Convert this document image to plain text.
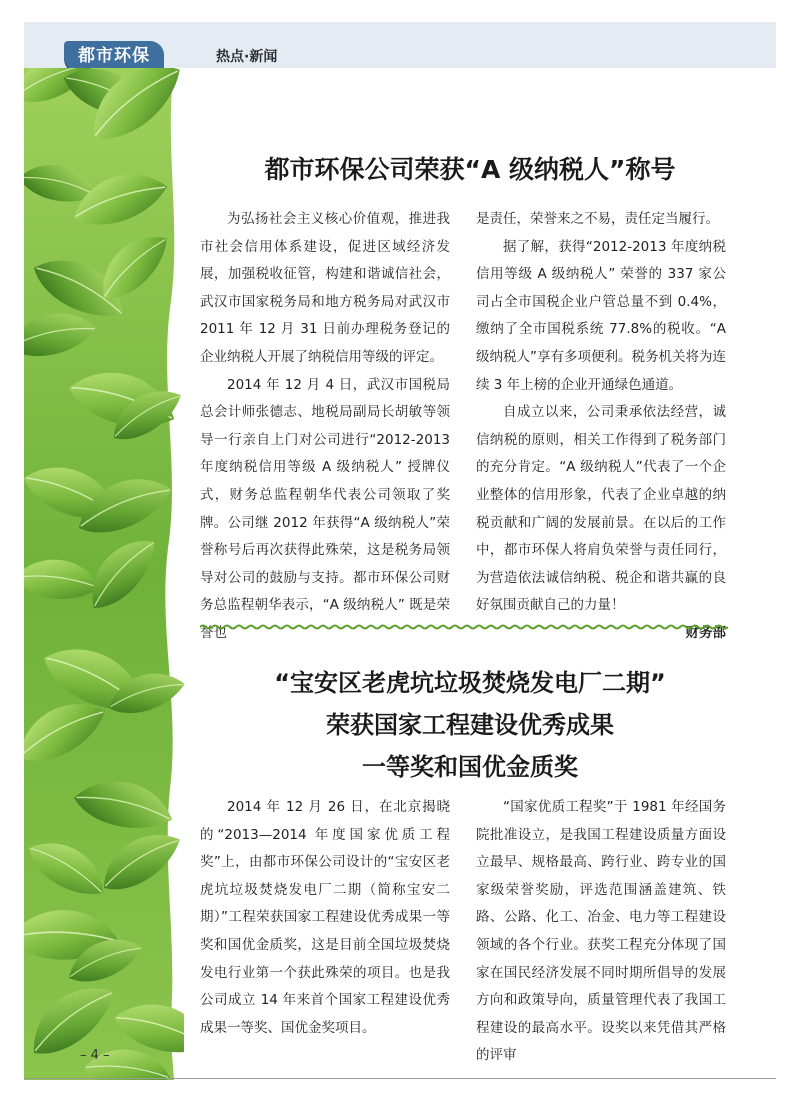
都市环保	热点·新闻
都市环保公司荣获“A 级纳税人”称号

为弘扬社会主义核心价值观，推进我市社会信用体系建设，促进区域经济发展，加强税收征管，构建和谐诚信社会，武汉市国家税务局和地方税务局对武汉市2011 年 12 月 31 日前办理税务登记的企业纳税人开展了纳税信用等级的评定。

2014 年 12 月 4 日，武汉市国税局总会计师张德志、地税局副局长胡敏等领导一行亲自上门对公司进行“2012-2013 年度纳税信用等级 A 级纳税人” 授牌仪式，财务总监程朝华代表公司领取了奖牌。公司继 2012 年获得“A 级纳税人”荣誉称号后再次获得此殊荣，这是税务局领导对公司的鼓励与支持。都市环保公司财务总监程朝华表示，“A 级纳税人” 既是荣誉也

是责任，荣誉来之不易，责任定当履行。

据了解，获得“2012-2013 年度纳税信用等级 A 级纳税人” 荣誉的 337 家公司占全市国税企业户管总量不到 0.4%，缴纳了全市国税系统 77.8%的税收。“A 级纳税人”享有多项便利。税务机关将为连续 3 年上榜的企业开通绿色通道。

自成立以来，公司秉承依法经营，诚信纳税的原则，相关工作得到了税务部门的充分肯定。“A 级纳税人”代表了一个企业整体的信用形象，代表了企业卓越的纳税贡献和广阔的发展前景。在以后的工作中，都市环保人将肩负荣誉与责任同行，为营造依法诚信纳税、税企和谐共赢的良好氛围贡献自己的力量！

财务部

“宝安区老虎坑垃圾焚烧发电厂二期”
荣获国家工程建设优秀成果
一等奖和国优金质奖

2014 年 12 月 26 日，在北京揭晓的“2013—2014 年度国家优质工程奖”上，由都市环保公司设计的“宝安区老虎坑垃圾焚烧发电厂二期（简称宝安二期）”工程荣获国家工程建设优秀成果一等奖和国优金质奖，这是目前全国垃圾焚烧发电行业第一个获此殊荣的项目。也是我公司成立 14 年来首个国家工程建设优秀成果一等奖、国优金奖项目。

“国家优质工程奖”于 1981 年经国务院批准设立，是我国工程建设质量方面设立最早、规格最高、跨行业、跨专业的国家级荣誉奖励，评选范围涵盖建筑、铁路、公路、化工、冶金、电力等工程建设领域的各个行业。获奖工程充分体现了国家在国民经济发展不同时期所倡导的发展方向和政策导向，质量管理代表了我国工程建设的最高水平。设奖以来凭借其严格的评审

– 4 –
